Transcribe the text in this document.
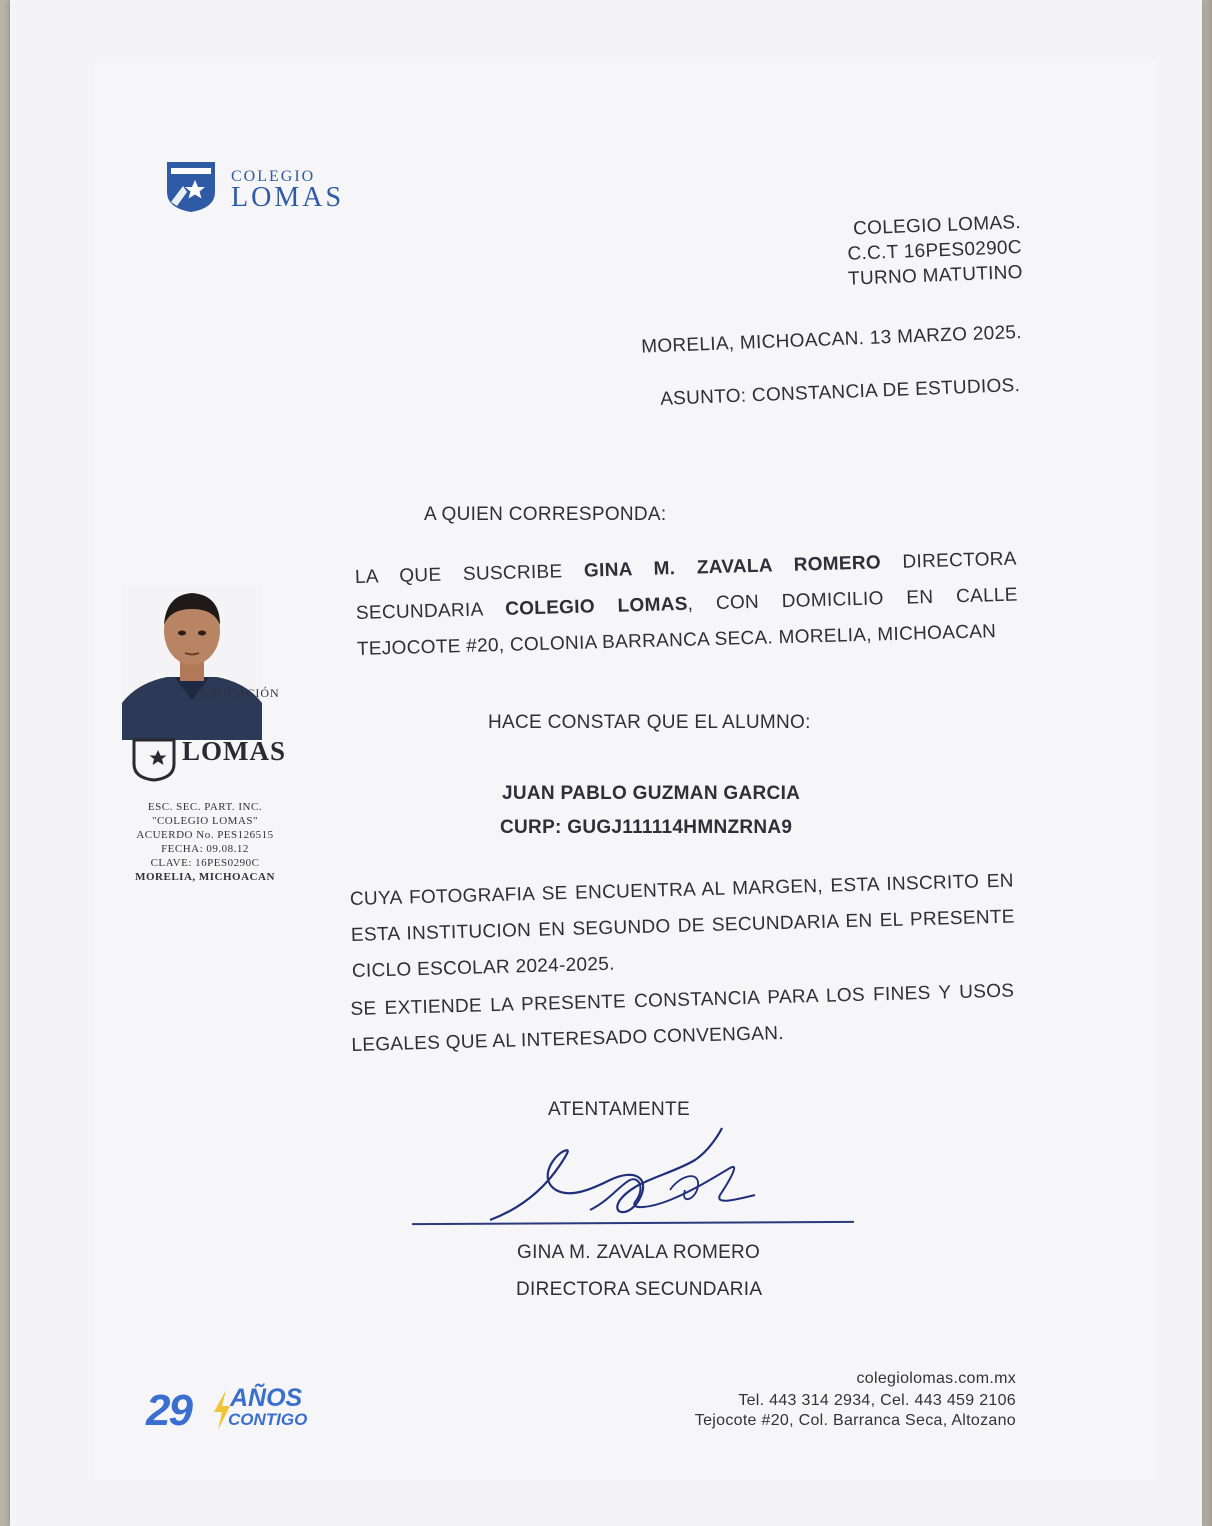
COLEGIO
LOMAS
COLEGIO LOMAS.
C.C.T 16PES0290C
TURNO MATUTINO
MORELIA, MICHOACAN. 13 MARZO 2025.
ASUNTO: CONSTANCIA DE ESTUDIOS.
A QUIEN CORRESPONDA:
LA QUE SUSCRIBE GINA M. ZAVALA ROMERO DIRECTORA SECUNDARIA COLEGIO LOMAS, CON DOMICILIO EN CALLE TEJOCOTE #20, COLONIA BARRANCA SECA. MORELIA, MICHOACAN
HACE CONSTAR QUE EL ALUMNO:
JUAN PABLO GUZMAN GARCIA
CURP: GUGJ111114HMNZRNA9
CUYA FOTOGRAFIA SE ENCUENTRA AL MARGEN, ESTA INSCRITO EN ESTA INSTITUCION EN SEGUNDO DE SECUNDARIA EN EL PRESENTE CICLO ESCOLAR 2024-2025.
SE EXTIENDE LA PRESENTE CONSTANCIA PARA LOS FINES Y USOS LEGALES QUE AL INTERESADO CONVENGAN.
ATENTAMENTE
GINA M. ZAVALA ROMERO
DIRECTORA SECUNDARIA
EDUCACIÓN
LOMAS
ESC. SEC. PART. INC.
"COLEGIO LOMAS"
ACUERDO No. PES126515
FECHA: 09.08.12
CLAVE: 16PES0290C
MORELIA, MICHOACAN
29 AÑOS
CONTIGO
colegiolomas.com.mx
Tel. 443 314 2934, Cel. 443 459 2106
Tejocote #20, Col. Barranca Seca, Altozano
